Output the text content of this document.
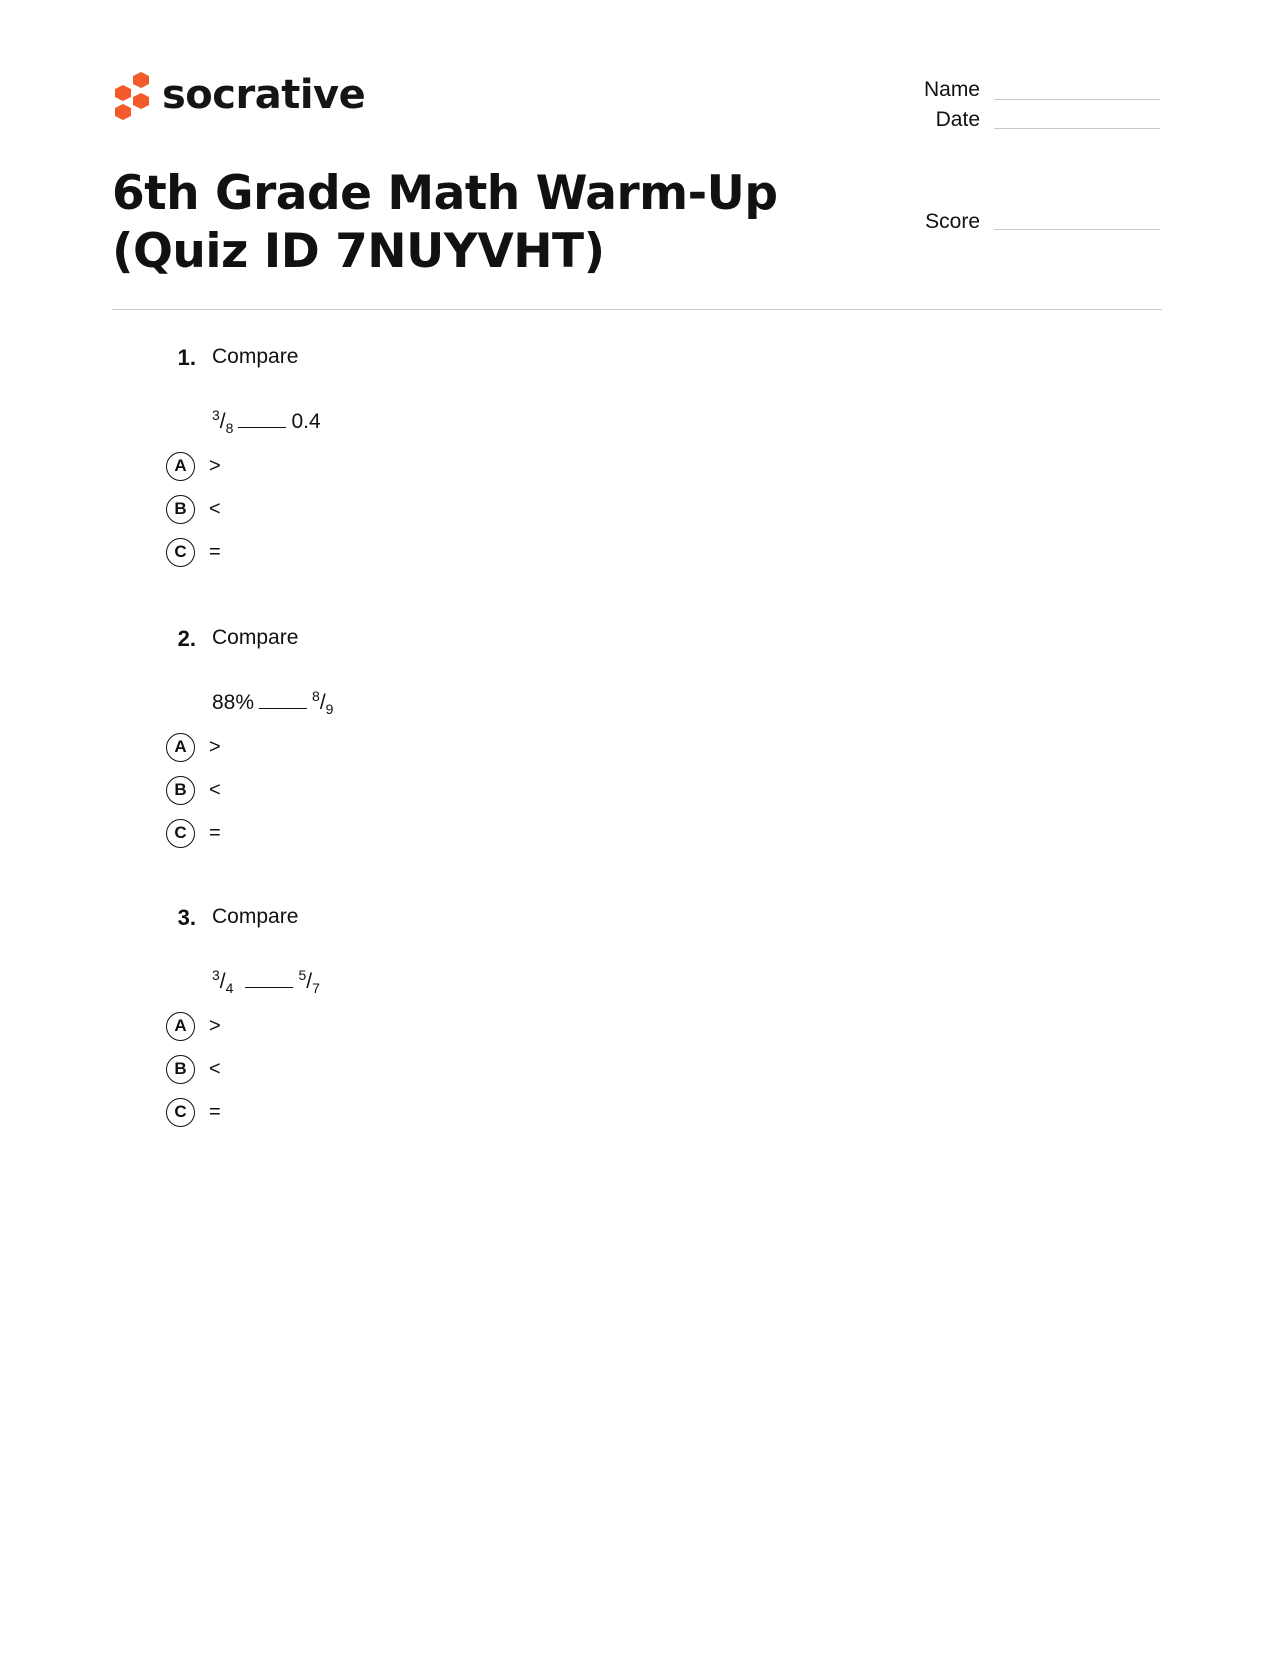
socrative	Name
Date
Score
6th Grade Math Warm-Up (Quiz ID 7NUYVHT)
1. Compare
$^3/_8$	0.4
A	>
B	<
C	=
2. Compare
88%	$^8/_9$
A	>
B	<
C	=
3. Compare
$^3/_4^5/_7$
A	>
B	<
C	=
